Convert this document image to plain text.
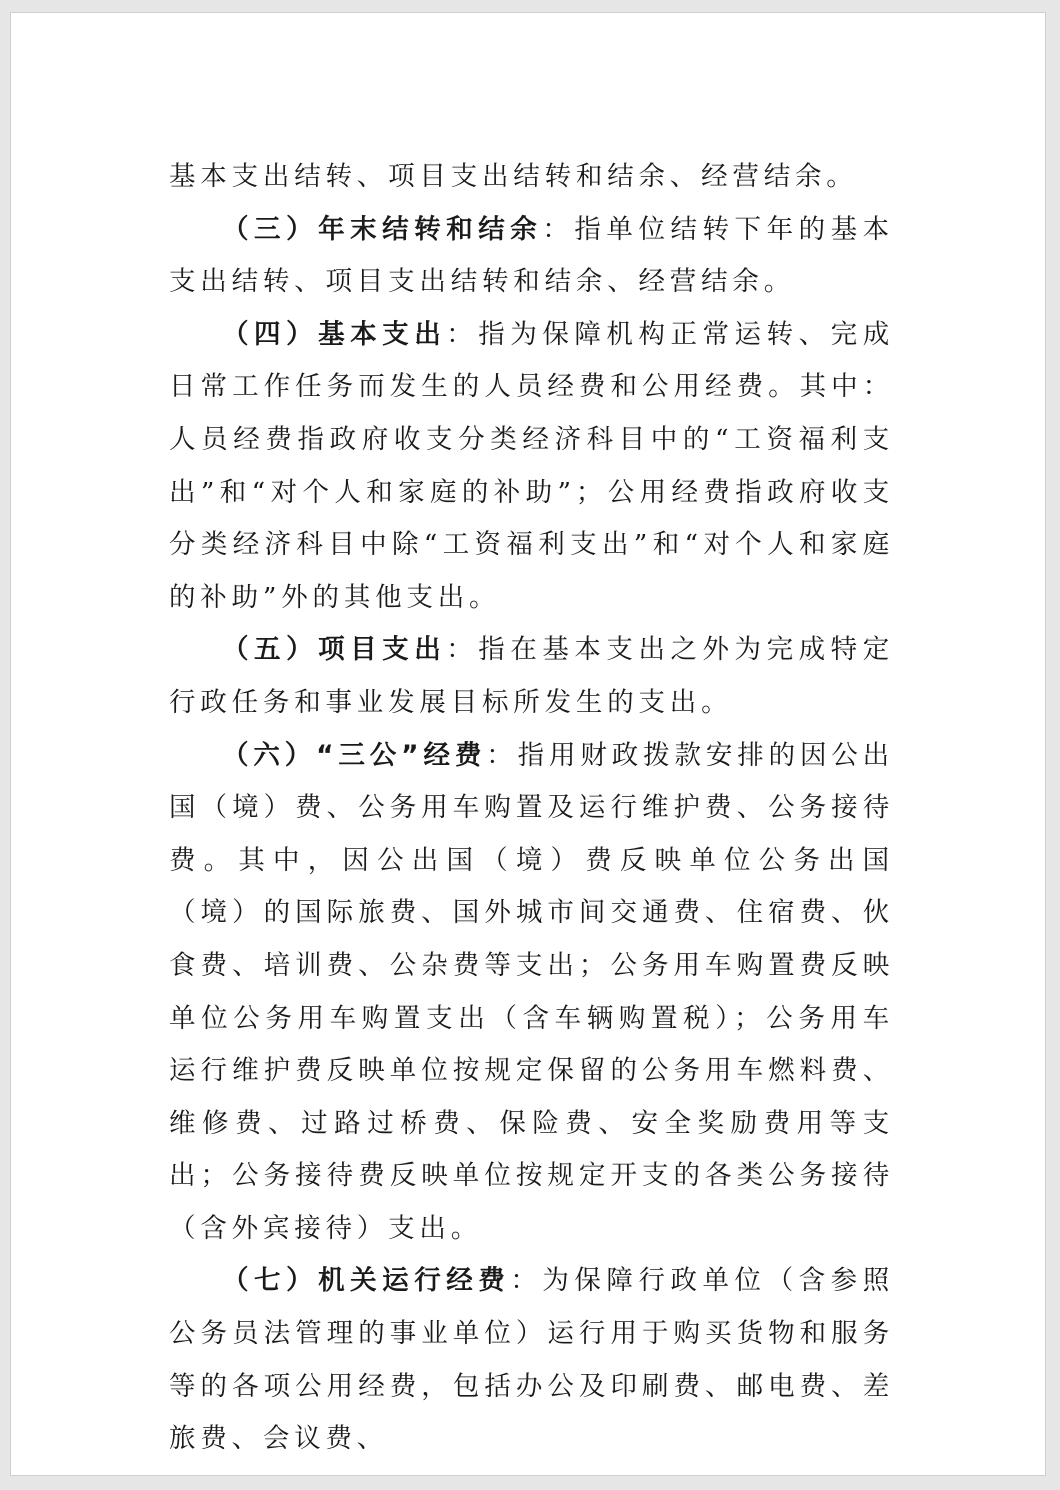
基本支出结转、项目支出结转和结余、经营结余。

（三）年末结转和结余：指单位结转下年的基本支出结转、项目支出结转和结余、经营结余。

（四）基本支出：指为保障机构正常运转、完成日常工作任务而发生的人员经费和公用经费。其中：人员经费指政府收支分类经济科目中的“工资福利支出”和“对个人和家庭的补助”；公用经费指政府收支分类经济科目中除“工资福利支出”和“对个人和家庭的补助”外的其他支出。

（五）项目支出：指在基本支出之外为完成特定行政任务和事业发展目标所发生的支出。

（六）“三公”经费：指用财政拨款安排的因公出国（境）费、公务用车购置及运行维护费、公务接待费。其中，因公出国（境）费反映单位公务出国（境）的国际旅费、国外城市间交通费、住宿费、伙食费、培训费、公杂费等支出；公务用车购置费反映单位公务用车购置支出（含车辆购置税）；公务用车运行维护费反映单位按规定保留的公务用车燃料费、维修费、过路过桥费、保险费、安全奖励费用等支出；公务接待费反映单位按规定开支的各类公务接待（含外宾接待）支出。

（七）机关运行经费：为保障行政单位（含参照公务员法管理的事业单位）运行用于购买货物和服务等的各项公用经费，包括办公及印刷费、邮电费、差旅费、会议费、
